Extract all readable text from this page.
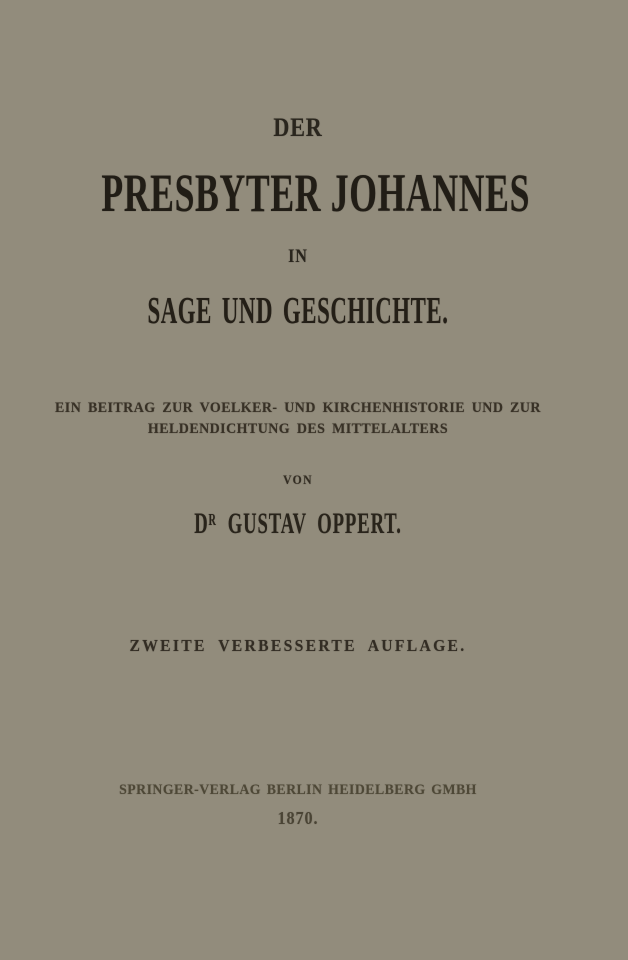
DER
PRESBYTER JOHANNES
IN
SAGE UND GESCHICHTE.
EIN BEITRAG ZUR VOELKER- UND KIRCHENHISTORIE UND ZUR
HELDENDICHTUNG DES MITTELALTERS
VON
$D^R$ GUSTAV OPPERT.
ZWEITE VERBESSERTE AUFLAGE.
SPRINGER-VERLAG BERLIN HEIDELBERG GMBH
1870.
